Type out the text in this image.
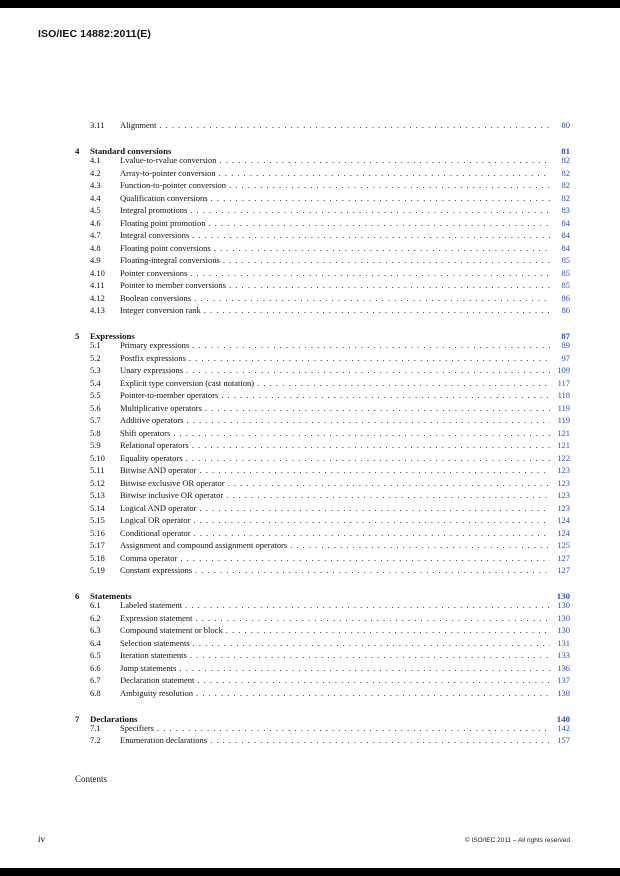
ISO/IEC 14882:2011(E)
3.11	Alignment . . .	80
4	Standard conversions	81
4.1	Lvalue-to-rvalue conversion . . .	82
4.2	Array-to-pointer conversion . . .	82
4.3	Function-to-pointer conversion . . .	82
4.4	Qualification conversions . . .	82
4.5	Integral promotions . . .	83
4.6	Floating point promotion . . .	84
4.7	Integral conversions . . .	84
4.8	Floating point conversions . . .	84
4.9	Floating-integral conversions . . .	85
4.10	Pointer conversions . . .	85
4.11	Pointer to member conversions . . .	85
4.12	Boolean conversions . . .	86
4.13	Integer conversion rank . . .	86
5	Expressions	87
5.1	Primary expressions . . .	89
5.2	Postfix expressions . . .	97
5.3	Unary expressions . . .	109
5.4	Explicit type conversion (cast notation) . . .	117
5.5	Pointer-to-member operators . . .	118
5.6	Multiplicative operators . . .	119
5.7	Additive operators . . .	119
5.8	Shift operators . . .	121
5.9	Relational operators . . .	121
5.10	Equality operators . . .	122
5.11	Bitwise AND operator . . .	123
5.12	Bitwise exclusive OR operator . . .	123
5.13	Bitwise inclusive OR operator . . .	123
5.14	Logical AND operator . . .	123
5.15	Logical OR operator . . .	124
5.16	Conditional operator . . .	124
5.17	Assignment and compound assignment operators . . .	125
5.18	Comma operator . . .	127
5.19	Constant expressions . . .	127
6	Statements	130
6.1	Labeled statement . . .	130
6.2	Expression statement . . .	130
6.3	Compound statement or block . . .	130
6.4	Selection statements . . .	131
6.5	Iteration statements . . .	133
6.6	Jump statements . . .	136
6.7	Declaration statement . . .	137
6.8	Ambiguity resolution . . .	138
7	Declarations	140
7.1	Specifiers . . .	142
7.2	Enumeration declarations . . .	157
Contents
iv	© ISO/IEC 2011 – All rights reserved
